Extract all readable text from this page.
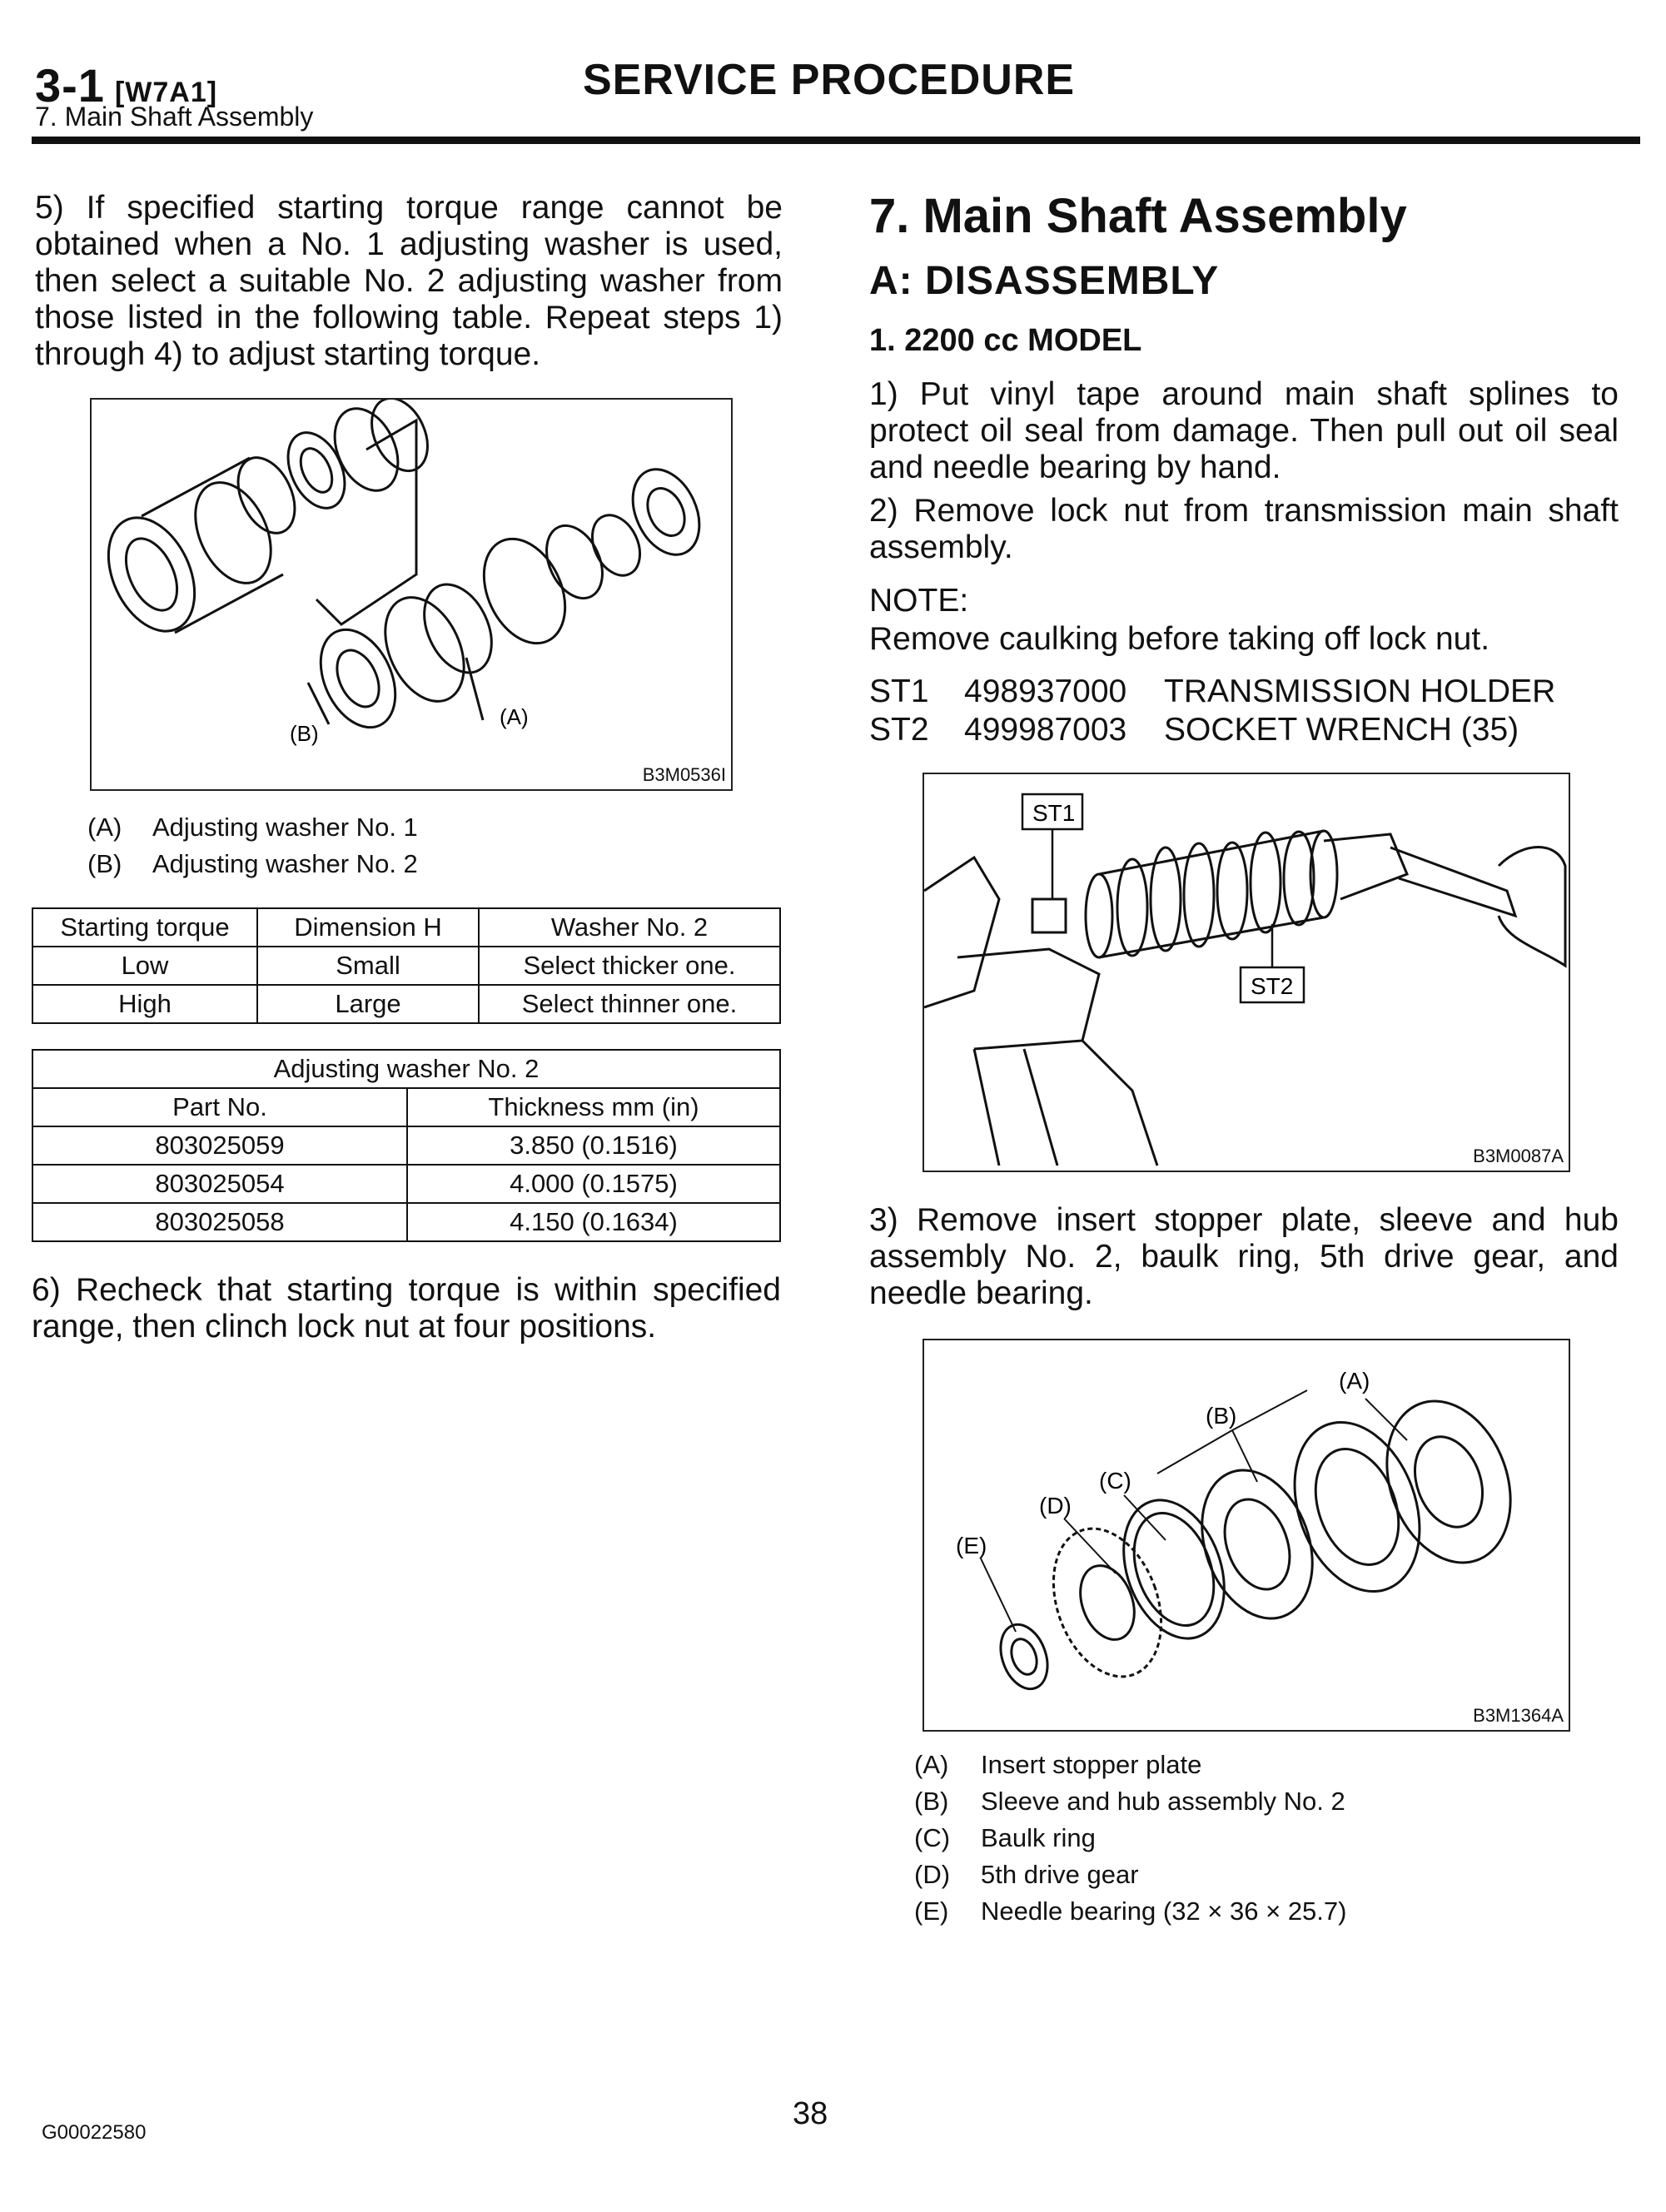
3-1 [W7A1]
7. Main Shaft Assembly
SERVICE PROCEDURE
5) If specified starting torque range cannot be obtained when a No. 1 adjusting washer is used, then select a suitable No. 2 adjusting washer from those listed in the following table. Repeat steps 1) through 4) to adjust starting torque.
(B)
(A)
B3M0536I
(A) Adjusting washer No. 1
(B) Adjusting washer No. 2
Starting torque	Dimension H	Washer No. 2
Low	Small	Select thicker one.
High	Large	Select thinner one.
Adjusting washer No. 2	
Part No.	Thickness mm (in)
803025059	3.850 (0.1516)
803025054	4.000 (0.1575)
803025058	4.150 (0.1634)
6) Recheck that starting torque is within specified range, then clinch lock nut at four positions.
7. Main Shaft Assembly
A: DISASSEMBLY
1. 2200 cc MODEL
1) Put vinyl tape around main shaft splines to protect oil seal from damage. Then pull out oil seal and needle bearing by hand.
2) Remove lock nut from transmission main shaft assembly.
NOTE:
Remove caulking before taking off lock nut.
ST1 498937000 TRANSMISSION HOLDER
ST2 499987003 SOCKET WRENCH (35)
ST1
ST2
B3M0087A
3) Remove insert stopper plate, sleeve and hub assembly No. 2, baulk ring, 5th drive gear, and needle bearing.
(A)
(B)
(C)
(D)
(E)
B3M1364A
(A) Insert stopper plate
(B) Sleeve and hub assembly No. 2
(C) Baulk ring
(D) 5th drive gear
(E) Needle bearing (32 × 36 × 25.7)
G00022580
38
